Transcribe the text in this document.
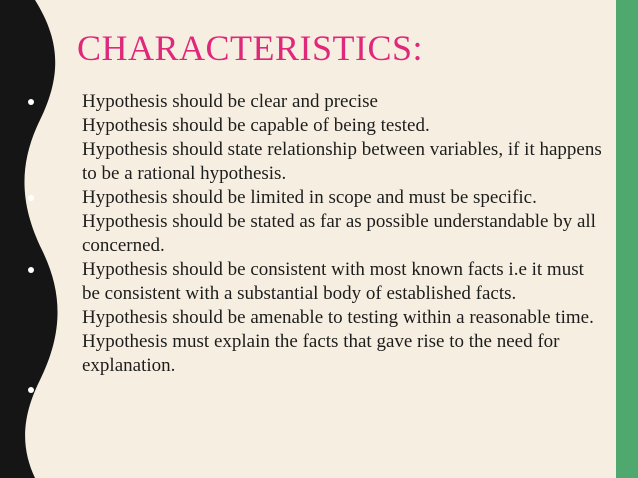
CHARACTERISTICS:
Hypothesis should be clear and precise
Hypothesis should be capable of being tested.
Hypothesis should state relationship between variables, if it happens to be a rational hypothesis.
Hypothesis should be limited in scope and must be specific.
Hypothesis should be stated as far as possible understandable by all concerned.
Hypothesis should be consistent with most known facts i.e it must be consistent with a substantial body of established facts.
Hypothesis should be amenable to testing within a reasonable time.
Hypothesis must explain the facts that gave rise to the need for explanation.
